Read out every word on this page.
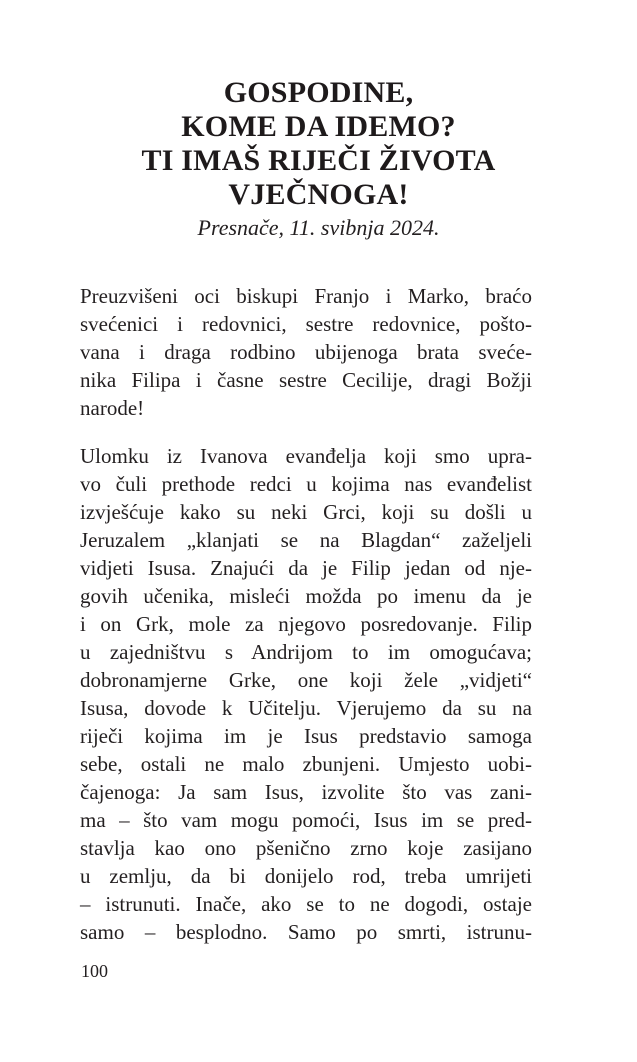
GOSPODINE,
KOME DA IDEMO?
TI IMAŠ RIJEČI ŽIVOTA
VJEČNOGA!
Presnače, 11. svibnja 2024.
Preuzvišeni oci biskupi Franjo i Marko, braćo
svećenici i redovnici, sestre redovnice, pošto-
vana i draga rodbino ubijenoga brata sveće-
nika Filipa i časne sestre Cecilije, dragi Božji
narode!
Ulomku iz Ivanova evanđelja koji smo upra-
vo čuli prethode redci u kojima nas evanđelist
izvješćuje kako su neki Grci, koji su došli u
Jeruzalem „klanjati se na Blagdan“ zaželjeli
vidjeti Isusa. Znajući da je Filip jedan od nje-
govih učenika, misleći možda po imenu da je
i on Grk, mole za njegovo posredovanje. Filip
u zajedništvu s Andrijom to im omogućava;
dobronamjerne Grke, one koji žele „vidjeti“
Isusa, dovode k Učitelju. Vjerujemo da su na
riječi kojima im je Isus predstavio samoga
sebe, ostali ne malo zbunjeni. Umjesto uobi-
čajenoga: Ja sam Isus, izvolite što vas zani-
ma – što vam mogu pomoći, Isus im se pred-
stavlja kao ono pšenično zrno koje zasijano
u zemlju, da bi donijelo rod, treba umrijeti
– istrunuti. Inače, ako se to ne dogodi, ostaje
samo – besplodno. Samo po smrti, istrunu-
100
